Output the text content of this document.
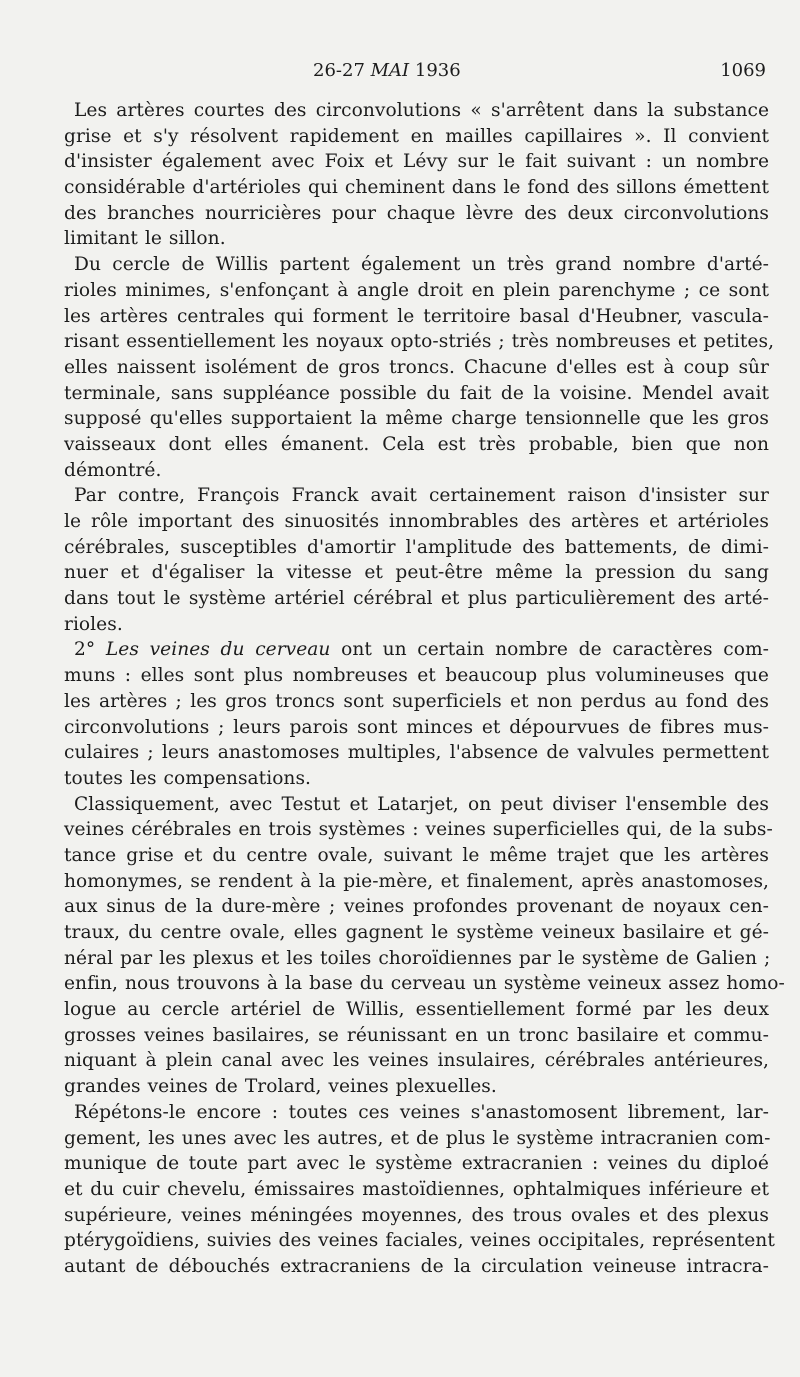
26-27 MAI 1936	1069
Les artères courtes des circonvolutions « s'arrêtent dans la substance
grise et s'y résolvent rapidement en mailles capillaires ». Il convient
d'insister également avec Foix et Lévy sur le fait suivant : un nombre
considérable d'artérioles qui cheminent dans le fond des sillons émettent
des branches nourricières pour chaque lèvre des deux circonvolutions
limitant le sillon.
Du cercle de Willis partent également un très grand nombre d'arté-
rioles minimes, s'enfonçant à angle droit en plein parenchyme ; ce sont
les artères centrales qui forment le territoire basal d'Heubner, vascula-
risant essentiellement les noyaux opto-striés ; très nombreuses et petites,
elles naissent isolément de gros troncs. Chacune d'elles est à coup sûr
terminale, sans suppléance possible du fait de la voisine. Mendel avait
supposé qu'elles supportaient la même charge tensionnelle que les gros
vaisseaux dont elles émanent. Cela est très probable, bien que non
démontré.
Par contre, François Franck avait certainement raison d'insister sur
le rôle important des sinuosités innombrables des artères et artérioles
cérébrales, susceptibles d'amortir l'amplitude des battements, de dimi-
nuer et d'égaliser la vitesse et peut-être même la pression du sang
dans tout le système artériel cérébral et plus particulièrement des arté-
rioles.
2° Les veines du cerveau ont un certain nombre de caractères com-
muns : elles sont plus nombreuses et beaucoup plus volumineuses que
les artères ; les gros troncs sont superficiels et non perdus au fond des
circonvolutions ; leurs parois sont minces et dépourvues de fibres mus-
culaires ; leurs anastomoses multiples, l'absence de valvules permettent
toutes les compensations.
Classiquement, avec Testut et Latarjet, on peut diviser l'ensemble des
veines cérébrales en trois systèmes : veines superficielles qui, de la subs-
tance grise et du centre ovale, suivant le même trajet que les artères
homonymes, se rendent à la pie-mère, et finalement, après anastomoses,
aux sinus de la dure-mère ; veines profondes provenant de noyaux cen-
traux, du centre ovale, elles gagnent le système veineux basilaire et gé-
néral par les plexus et les toiles choroïdiennes par le système de Galien ;
enfin, nous trouvons à la base du cerveau un système veineux assez homo-
logue au cercle artériel de Willis, essentiellement formé par les deux
grosses veines basilaires, se réunissant en un tronc basilaire et commu-
niquant à plein canal avec les veines insulaires, cérébrales antérieures,
grandes veines de Trolard, veines plexuelles.
Répétons-le encore : toutes ces veines s'anastomosent librement, lar-
gement, les unes avec les autres, et de plus le système intracranien com-
munique de toute part avec le système extracranien : veines du diploé
et du cuir chevelu, émissaires mastoïdiennes, ophtalmiques inférieure et
supérieure, veines méningées moyennes, des trous ovales et des plexus
ptérygoïdiens, suivies des veines faciales, veines occipitales, représentent
autant de débouchés extracraniens de la circulation veineuse intracra-
